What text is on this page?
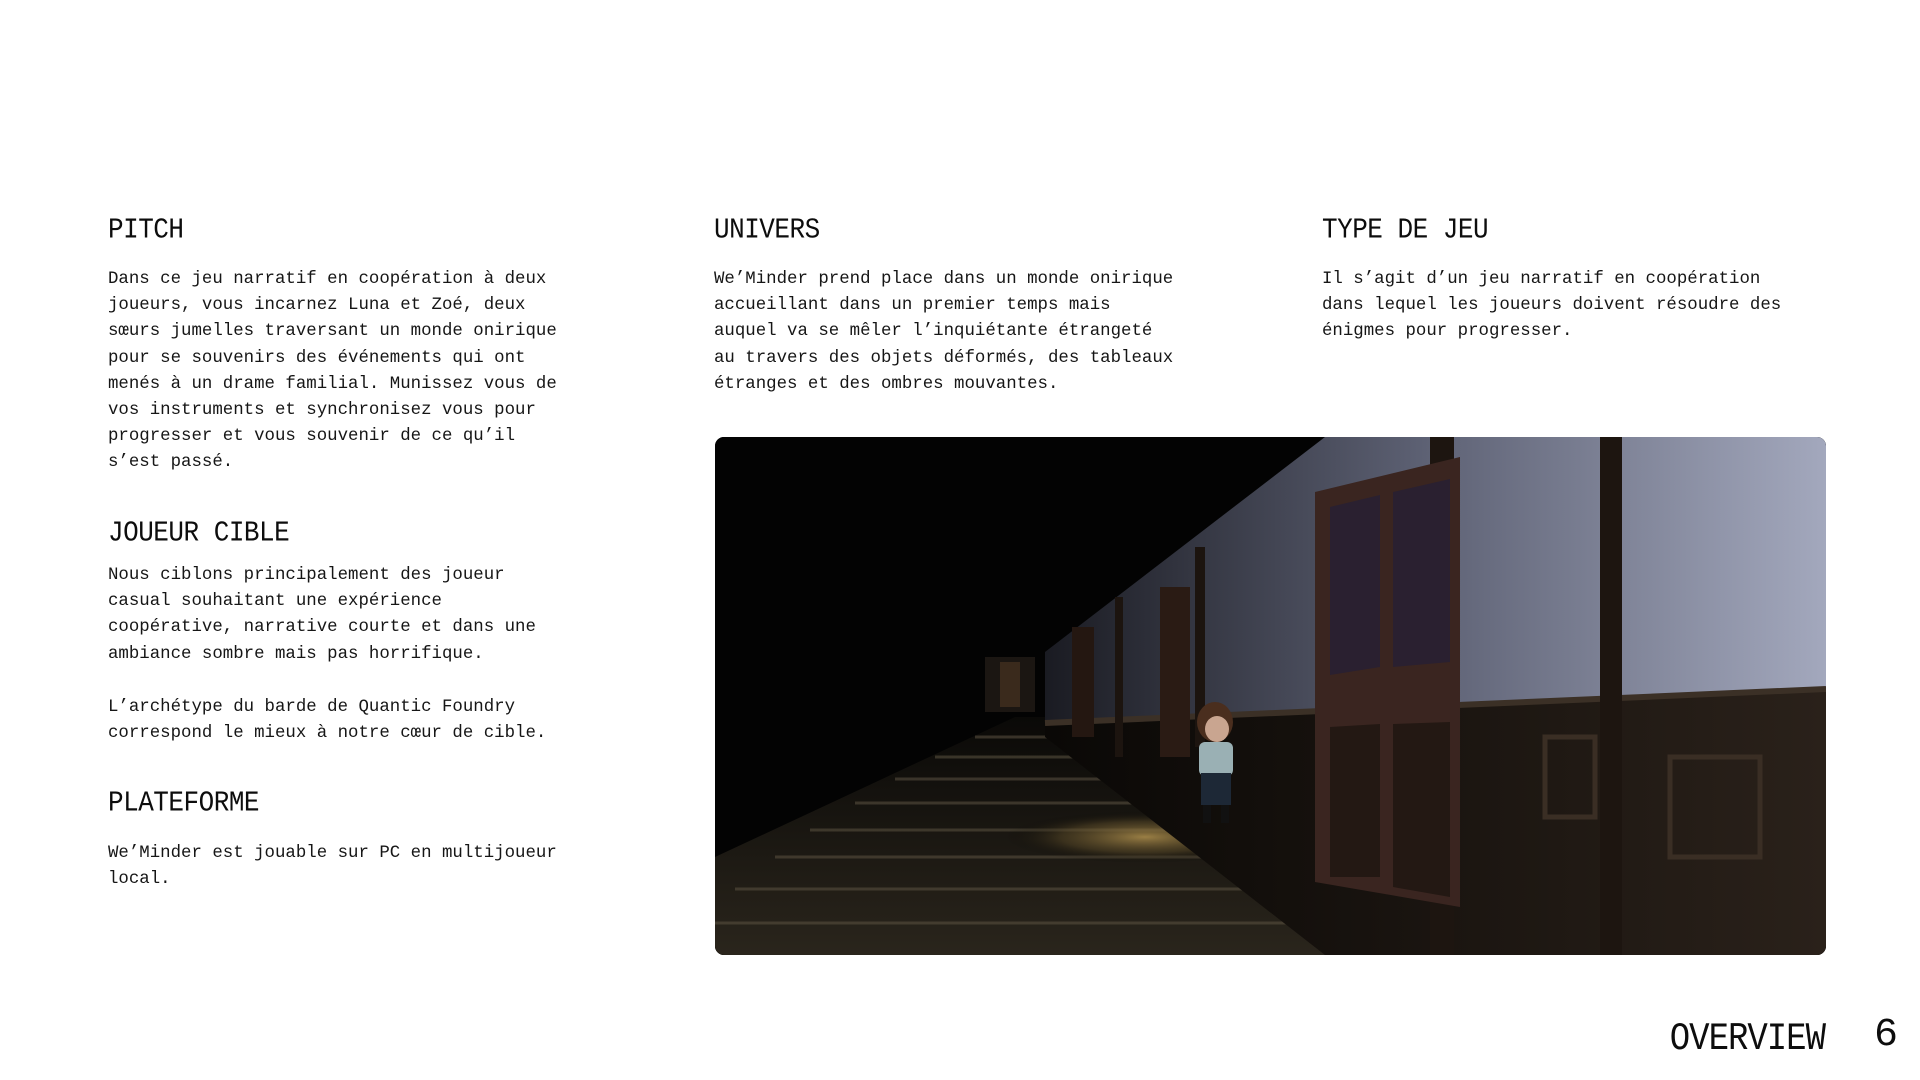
PITCH

Dans ce jeu narratif en coopération à deux
joueurs, vous incarnez Luna et Zoé, deux
sœurs jumelles traversant un monde onirique
pour se souvenirs des événements qui ont
menés à un drame familial. Munissez vous de
vos instruments et synchronisez vous pour
progresser et vous souvenir de ce qu’il
s’est passé.

JOUEUR CIBLE

Nous ciblons principalement des joueur
casual souhaitant une expérience
coopérative, narrative courte et dans une
ambiance sombre mais pas horrifique.

L’archétype du barde de Quantic Foundry
correspond le mieux à notre cœur de cible.

PLATEFORME

We’Minder est jouable sur PC en multijoueur
local.

UNIVERS

We’Minder prend place dans un monde onirique
accueillant dans un premier temps mais
auquel va se mêler l’inquiétante étrangeté
au travers des objets déformés, des tableaux
étranges et des ombres mouvantes.

TYPE DE JEU

Il s’agit d’un jeu narratif en coopération
dans lequel les joueurs doivent résoudre des
énigmes pour progresser.

OVERVIEW 6
